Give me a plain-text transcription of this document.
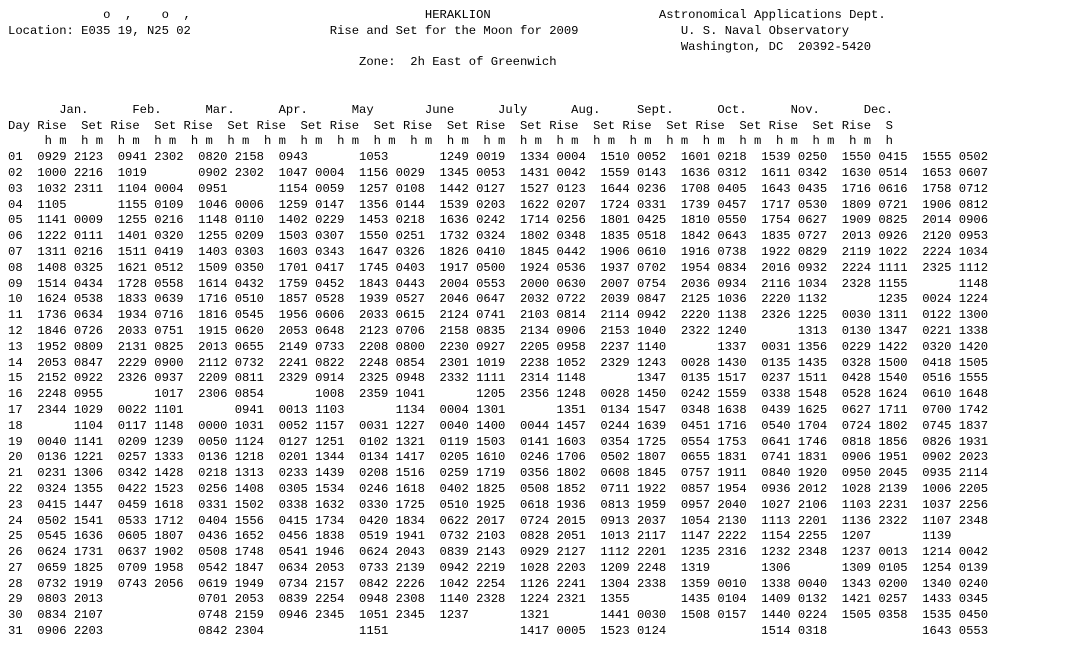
o  ,    o  ,                                HERAKLION                       Astronomical Applications Dept.
Location: E035 19, N25 02                   Rise and Set for the Moon for 2009              U. S. Naval Observatory
Washington, DC  20392-5420
Zone:  2h East of Greenwich

Jan.      Feb.      Mar.      Apr.      May       June      July      Aug.     Sept.      Oct.      Nov.      Dec.
Day Rise  Set Rise  Set Rise  Set Rise  Set Rise  Set Rise  Set Rise  Set Rise  Set Rise  Set Rise  Set Rise  Set Rise  S
h m  h m  h m  h m  h m  h m  h m  h m  h m  h m  h m  h m  h m  h m  h m  h m  h m  h m  h m  h m  h m  h m  h m  h
01  0929 2123  0941 2302  0820 2158  0943       1053       1249 0019  1334 0004  1510 0052  1601 0218  1539 0250  1550 0415  1555 0502
02  1000 2216  1019       0902 2302  1047 0004  1156 0029  1345 0053  1431 0042  1559 0143  1636 0312  1611 0342  1630 0514  1653 0607
03  1032 2311  1104 0004  0951       1154 0059  1257 0108  1442 0127  1527 0123  1644 0236  1708 0405  1643 0435  1716 0616  1758 0712
04  1105       1155 0109  1046 0006  1259 0147  1356 0144  1539 0203  1622 0207  1724 0331  1739 0457  1717 0530  1809 0721  1906 0812
05  1141 0009  1255 0216  1148 0110  1402 0229  1453 0218  1636 0242  1714 0256  1801 0425  1810 0550  1754 0627  1909 0825  2014 0906
06  1222 0111  1401 0320  1255 0209  1503 0307  1550 0251  1732 0324  1802 0348  1835 0518  1842 0643  1835 0727  2013 0926  2120 0953
07  1311 0216  1511 0419  1403 0303  1603 0343  1647 0326  1826 0410  1845 0442  1906 0610  1916 0738  1922 0829  2119 1022  2224 1034
08  1408 0325  1621 0512  1509 0350  1701 0417  1745 0403  1917 0500  1924 0536  1937 0702  1954 0834  2016 0932  2224 1111  2325 1112
09  1514 0434  1728 0558  1614 0432  1759 0452  1843 0443  2004 0553  2000 0630  2007 0754  2036 0934  2116 1034  2328 1155       1148
10  1624 0538  1833 0639  1716 0510  1857 0528  1939 0527  2046 0647  2032 0722  2039 0847  2125 1036  2220 1132       1235  0024 1224
11  1736 0634  1934 0716  1816 0545  1956 0606  2033 0615  2124 0741  2103 0814  2114 0942  2220 1138  2326 1225  0030 1311  0122 1300
12  1846 0726  2033 0751  1915 0620  2053 0648  2123 0706  2158 0835  2134 0906  2153 1040  2322 1240       1313  0130 1347  0221 1338
13  1952 0809  2131 0825  2013 0655  2149 0733  2208 0800  2230 0927  2205 0958  2237 1140       1337  0031 1356  0229 1422  0320 1420
14  2053 0847  2229 0900  2112 0732  2241 0822  2248 0854  2301 1019  2238 1052  2329 1243  0028 1430  0135 1435  0328 1500  0418 1505
15  2152 0922  2326 0937  2209 0811  2329 0914  2325 0948  2332 1111  2314 1148       1347  0135 1517  0237 1511  0428 1540  0516 1555
16  2248 0955       1017  2306 0854       1008  2359 1041       1205  2356 1248  0028 1450  0242 1559  0338 1548  0528 1624  0610 1648
17  2344 1029  0022 1101       0941  0013 1103       1134  0004 1301       1351  0134 1547  0348 1638  0439 1625  0627 1711  0700 1742
18       1104  0117 1148  0000 1031  0052 1157  0031 1227  0040 1400  0044 1457  0244 1639  0451 1716  0540 1704  0724 1802  0745 1837
19  0040 1141  0209 1239  0050 1124  0127 1251  0102 1321  0119 1503  0141 1603  0354 1725  0554 1753  0641 1746  0818 1856  0826 1931
20  0136 1221  0257 1333  0136 1218  0201 1344  0134 1417  0205 1610  0246 1706  0502 1807  0655 1831  0741 1831  0906 1951  0902 2023
21  0231 1306  0342 1428  0218 1313  0233 1439  0208 1516  0259 1719  0356 1802  0608 1845  0757 1911  0840 1920  0950 2045  0935 2114
22  0324 1355  0422 1523  0256 1408  0305 1534  0246 1618  0402 1825  0508 1852  0711 1922  0857 1954  0936 2012  1028 2139  1006 2205
23  0415 1447  0459 1618  0331 1502  0338 1632  0330 1725  0510 1925  0618 1936  0813 1959  0957 2040  1027 2106  1103 2231  1037 2256
24  0502 1541  0533 1712  0404 1556  0415 1734  0420 1834  0622 2017  0724 2015  0913 2037  1054 2130  1113 2201  1136 2322  1107 2348
25  0545 1636  0605 1807  0436 1652  0456 1838  0519 1941  0732 2103  0828 2051  1013 2117  1147 2222  1154 2255  1207       1139
26  0624 1731  0637 1902  0508 1748  0541 1946  0624 2043  0839 2143  0929 2127  1112 2201  1235 2316  1232 2348  1237 0013  1214 0042
27  0659 1825  0709 1958  0542 1847  0634 2053  0733 2139  0942 2219  1028 2203  1209 2248  1319       1306       1309 0105  1254 0139
28  0732 1919  0743 2056  0619 1949  0734 2157  0842 2226  1042 2254  1126 2241  1304 2338  1359 0010  1338 0040  1343 0200  1340 0240
29  0803 2013             0701 2053  0839 2254  0948 2308  1140 2328  1224 2321  1355       1435 0104  1409 0132  1421 0257  1433 0345
30  0834 2107             0748 2159  0946 2345  1051 2345  1237       1321       1441 0030  1508 0157  1440 0224  1505 0358  1535 0450
31  0906 2203             0842 2304             1151                  1417 0005  1523 0124             1514 0318             1643 0553
